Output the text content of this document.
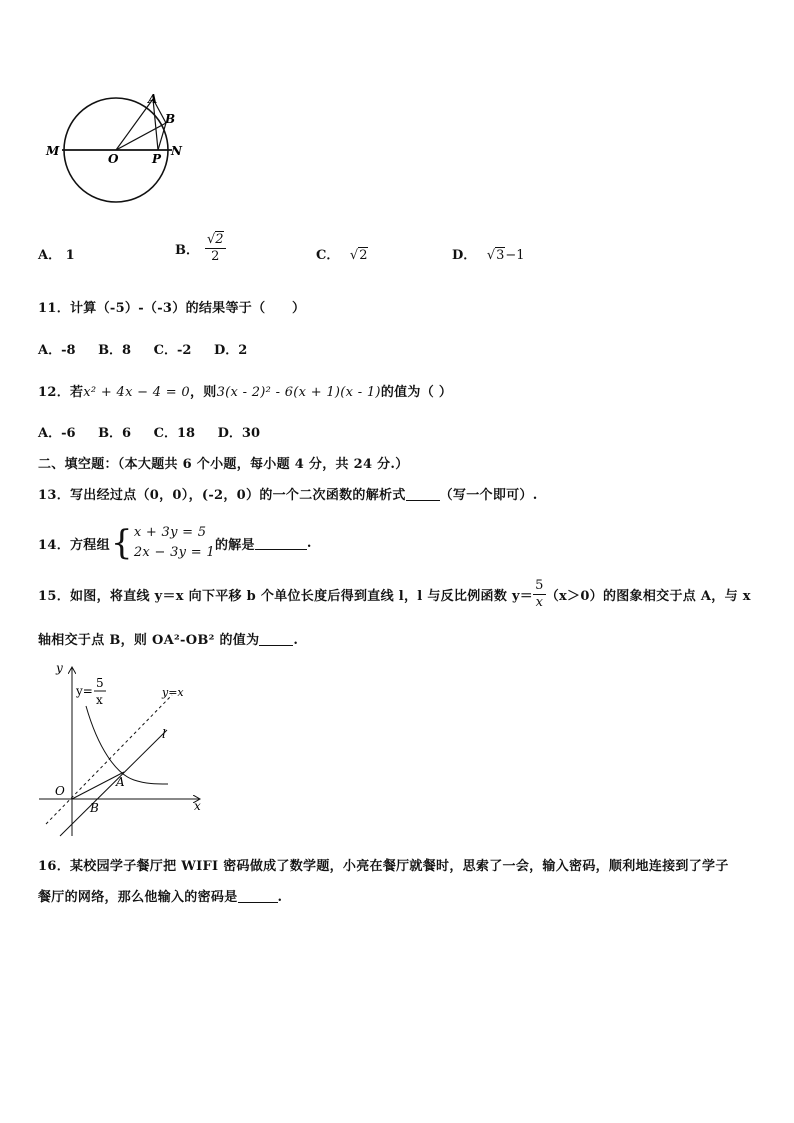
A
B
M
O	P
N
A． 1	B． $\frac{√2}{2}$	C． √2	D． √3−1
11．计算（-5）-（-3）的结果等于（　　）
A．-8 B．8 C．-2 D．2
12．若x² + 4x − 4 = 0，则3(x - 2)² - 6(x + 1)(x - 1)的值为（ ）
A．-6 B．6 C．18 D．30
二、填空题：（本大题共 6 个小题，每小题 4 分，共 24 分.）
13．写出经过点（0，0），(-2，0）的一个二次函数的解析式	（写一个即可）.
14．方程组 { x + 3y = 5
2x − 3y = 1 的解是	.
15．如图，将直线 y＝x 向下平移 b 个单位长度后得到直线 l，l 与反比例函数 $y= \frac{5}{x} (x>0)$的图象相交于点 A，与 x
轴相交于点 B，则 OA²-OB² 的值为	.
y
x
O
A
B
l
y=x
y=
5
x
16．某校园学子餐厅把 WIFI 密码做成了数学题，小亮在餐厅就餐时，思索了一会，输入密码，顺利地连接到了学子
餐厅的网络，那么他输入的密码是	.
